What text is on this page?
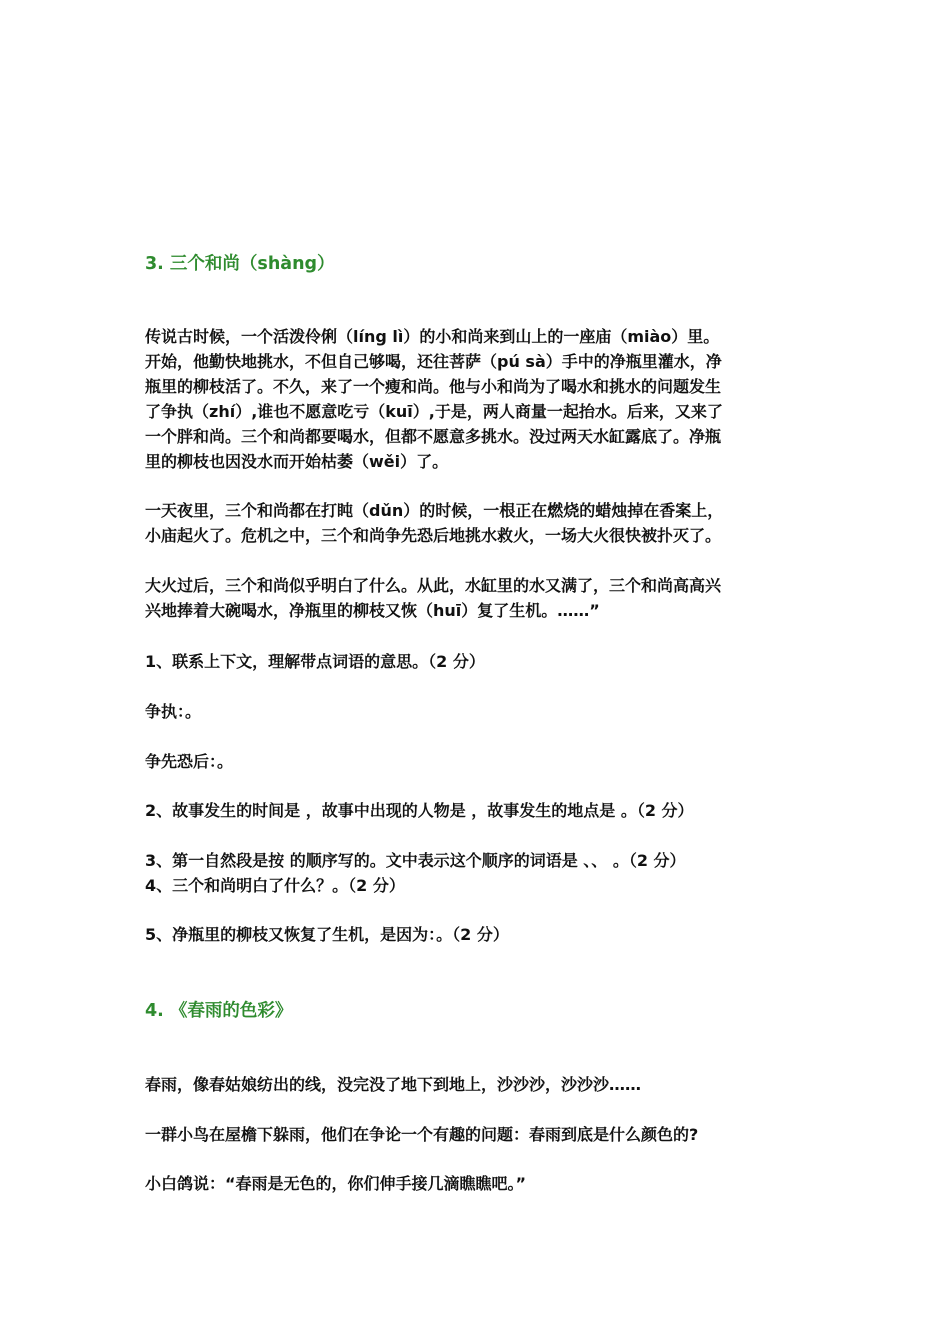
3. 三个和尚（shàng）
传说古时候，一个活泼伶俐（líng lì）的小和尚来到山上的一座庙（miào）里。
开始，他勤快地挑水，不但自己够喝，还往菩萨（pú sà）手中的净瓶里灌水，净
瓶里的柳枝活了。不久，来了一个瘦和尚。他与小和尚为了喝水和挑水的问题发生
了争执（zhí）,谁也不愿意吃亏（kuī）,于是，两人商量一起抬水。后来，又来了
一个胖和尚。三个和尚都要喝水，但都不愿意多挑水。没过两天水缸露底了。净瓶
里的柳枝也因没水而开始枯萎（wěi）了。
一天夜里，三个和尚都在打盹（dǔn）的时候，一根正在燃烧的蜡烛掉在香案上，
小庙起火了。危机之中，三个和尚争先恐后地挑水救火，一场大火很快被扑灭了。
大火过后，三个和尚似乎明白了什么。从此，水缸里的水又满了，三个和尚高高兴
兴地捧着大碗喝水，净瓶里的柳枝又恢（huī）复了生机。……”
1、联系上下文，理解带点词语的意思。（2 分）
争执：。
争先恐后：。
2、故事发生的时间是 ，故事中出现的人物是 ，故事发生的地点是 。（2 分）
3、第一自然段是按 的顺序写的。文中表示这个顺序的词语是 、、 。（2 分）
4、三个和尚明白了什么？。（2 分）
5、净瓶里的柳枝又恢复了生机，是因为：。（2 分）
4. 《春雨的色彩》
春雨，像春姑娘纺出的线，没完没了地下到地上，沙沙沙，沙沙沙……
一群小鸟在屋檐下躲雨，他们在争论一个有趣的问题：春雨到底是什么颜色的?
小白鸽说：“春雨是无色的，你们伸手接几滴瞧瞧吧。”
